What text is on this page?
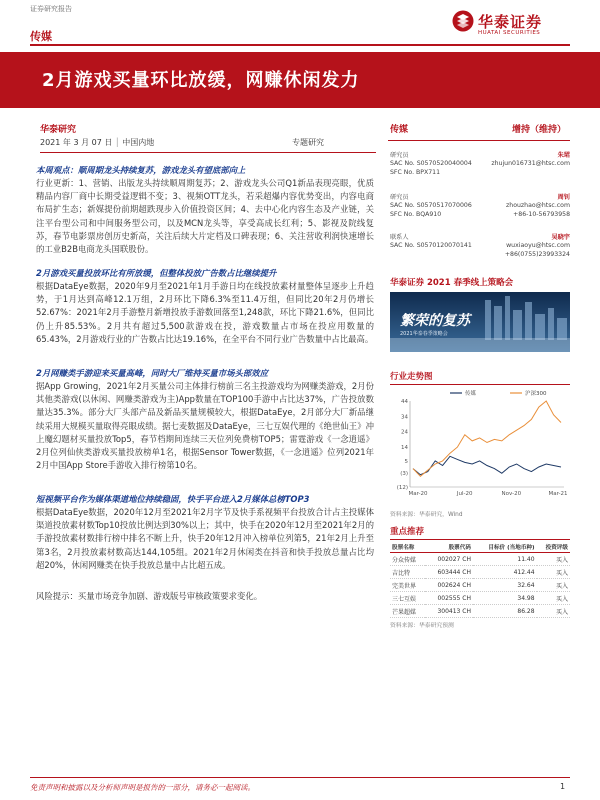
证券研究报告
传媒
华泰证券
HUATAI SECURITIES
2月游戏买量环比放缓，网赚休闲发力
华泰研究
2021 年 3 月 07 日 │ 中国内地	专题研究
本周观点：顺周期龙头持续复苏，游戏龙头有望底部向上
行业更新：1、营销、出版龙头持续顺周期复苏；2、游戏龙头公司Q1新品表现亮眼，优质精品内容厂商中长期受益逻辑不变；3、视频OTT龙头，若采超爆内容优势变出，内容电商布局扩生态；新媒提份前期超跌现步入价值投资区间；4、去中心化内容生态及产业链，关注平台型公司和中间服务型公司，以及MCN龙头等，享受高成长红利；5、影视及院线复苏，春节电影票房创历史新高，关注后续大片定档及口碑表现；6、关注营收利润快速增长的工业B2B电商龙头国联股份。
2月游戏买量投放环比有所放缓，但整体投放广告数占比继续提升
根据DataEye数据，2020年9月至2021年1月手游日均在线投放素材量整体呈逐步上升趋势，于1月达到高峰12.1万组，2月环比下降6.3%至11.4万组，但同比20年2月仍增长52.67%：2021年2月手游整月新增投放手游数回落至1,248款，环比下降21.6%，但同比仍上升85.53%。2月共有超过5,500款游戏在投，游戏数量占市场在投应用数量的65.43%，2月游戏行业的广告数占比达19.16%，在全平台不同行业广告数量中占比最高。
2月网赚类手游迎来买量高峰，同时大厂维持买量市场头部效应
据App Growing，2021年2月买量公司主体排行榜前三名主投游戏均为网赚类游戏，2月份其他类游戏(以休闲、网赚类游戏为主)App数量在TOP100手游中占比达37%，广告投放数量达35.3%。部分大厂头部产品及新品买量规模较大，根据DataEye，2月部分大厂新品继续采用大规模买量取得亮眼成绩。据七麦数据及DataEye，三七互娱代理的《绝世仙王》冲上魔幻题材买量投放Top5，春节档期间连续三天位列免费榜TOP5；雷霆游戏《一念逍遥》2月位列仙侠类游戏买量投放榜单1名，根据Sensor Tower数据，《一念逍遥》位列2021年2月中国App Store手游收入排行榜第10名。
短视频平台作为媒体渠道地位持续稳固，快手平台进入2月媒体总榜TOP3
根据DataEye数据，2020年12月至2021年2月字节及快手系视频平台投放合计占主投媒体渠道投放素材数Top10投放比例达到30%以上；其中，快手在2020年12月至2021年2月的手游投放素材数排行榜中排名不断上升，快手20年12月冲入榜单位列第5，21年2月上升至第3名，2月投放素材数高达144,105组。2021年2月休闲类在抖音和快手投放总量占比均超20%，休闲网赚类在快手投放总量中占比超五成。
风险提示：买量市场竞争加剧、游戏版号审核政策要求变化。
传媒	增持（维持）
研究员	朱珺
SAC No. S0570520040004	zhujun016731@htsc.com
SFC No. BPX711
研究员	周钊
SAC No. S0570517070006	zhouzhao@htsc.com
SFC No. BQA910	+86-10-56793958
联系人	吴晓宇
SAC No. S0570120070141	wuxiaoyu@htsc.com
+86(0755)23993324
华泰证券 2021 春季线上策略会
繁荣的复苏
2021华泰春季策略会
行业走势图
(12)
(3)
5
14
24
34
44
Mar-20	Jul-20	Nov-20	Mar-21
传媒	沪深300
资料来源：华泰研究，Wind
重点推荐
股票名称	股票代码	目标价 (当地币种)	投资评级
分众传媒	002027 CH	11.40	买入
吉比特	603444 CH	412.44	买入
完美世界	002624 CH	32.64	买入
三七互娱	002555 CH	34.98	买入
芒果超媒	300413 CH	86.28	买入
资料来源：华泰研究预测
免责声明和披露以及分析师声明是报告的一部分，请务必一起阅读。	1
